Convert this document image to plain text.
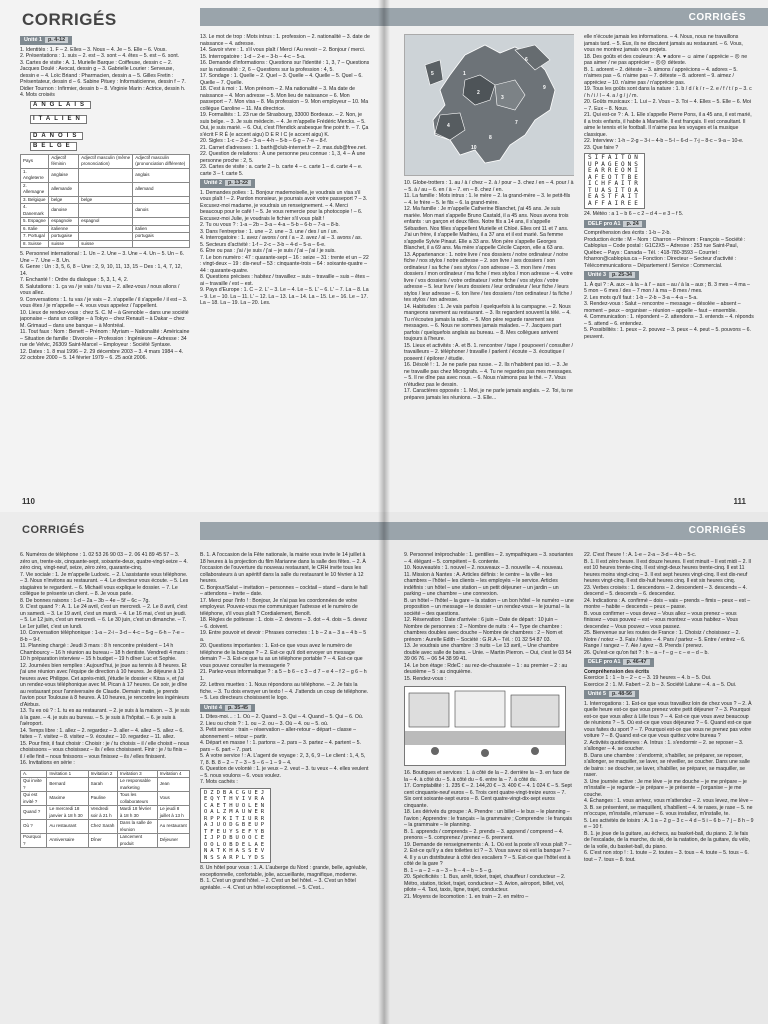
CORRIGÉS
Unité 1 p. 4-12
1. Identités : 1. F – 2. Elles – 3. Nous – 4. Je – 5. Elle – 6. Vous.
2. Présentations : 1. suis – 2. est – 3. sont – 4. êtes – 5. est – 6. sont.
3. Cartes de visite : A. 1. Murielle Barque : Coiffeuse, dessin c – 2. Jacques Doulé : Avocat, dessin g – 3. Gabrielle Lourier : Serveuse, dessin e – 4. Loïc Briand : Pharmacien, dessin a – 5. Gilles Fretin : Présentateur, dessin d – 6. Sabine Pituey : Informaticienne, dessin f – 7. Didier Tournon : Infirmier, dessin b – 8. Virginie Marin : Actrice, dessin h.
4. Mots croisés
ANGLAIS
ITALIEN
DANOIS
BELGE
Pays	Adjectif féminin	Adjectif masculin (même prononciation)	Adjectif masculin (prononciation différente)
1. Angleterre	anglaise		anglais
2. Allemagne	allemande		allemand
3. Belgique	belge	belge	
4. Danemark	danoise		danois
5. Espagne	espagnole	espagnol	
6. Italie	italienne		italien
7. Portugal	portugaise		portugais
8. Suisse	suisse	suisse	
5. Personnel international : 1. Un – 2. Une – 3. Une – 4. Un – 5. Un – 6. Une – 7. Une – 8. Un.
6. Genre : Un : 3, 5, 6, 8 – Une : 2, 9, 10, 11, 13, 15 – Des : 1, 4, 7, 12, 14.
7. Enchanté ! : Ordre du dialogue : 5, 3, 1, 4, 2.
8. Salutations : 1. ça va / je vais / tu vas – 2. allez-vous / nous allons / vous allez.
9. Conversations : 1. tu vas / je vais – 2. s'appelle / il s'appelle / il est – 3. vous êtes / je m'appelle – 4. vous vous appelez / l'appellent.
10. Lieux de rendez-vous : chez S. C. M – à Grenoble – dans une société japonaise – dans un collège – à Tokyo – chez Renault – à Dakar – chez M. Grimaud – dans une banque – à Montréal.
11. Tout faux : Nom : Benett – Prénom : Myriam – Nationalité : Américaine – Situation de famille : Divorcée – Profession : Ingénieure – Adresse : 34 rue de Velvic, 26309 Saint-Marcel – Employeur : Société Syntaxe.
12. Dates : 1. 8 mai 1996 – 2. 29 décembre 2003 – 3. 4 mars 1984 – 4. 22 octobre 2000 – 5. 14 février 1979 – 6. 25 août 2006.
13. Le mot de trop : Mots intrus : 1. profession – 2. nationalité – 3. date de naissance – 4. adresse.
14. Savoir vivre : 1. s'il vous plaît / Merci / Au revoir – 2. Bonjour / merci.
15. Interrogatoire : 1-d – 2-e – 3-b – 4-c – 5-a.
16. Demande d'informations : Questions sur l'identité : 1, 3, 7 – Questions sur la nationalité : 2, 6 – Questions sur la profession : 4, 5.
17. Sondage : 1. Quelle – 2. Quel – 3. Quelle – 4. Quelle – 5. Quel – 6. Quelle – 7. Quelle.
18. C'est à moi : 1. Mon prénom – 2. Ma nationalité – 3. Ma date de naissance – 4. Mon adresse – 5. Mon lieu de naissance – 6. Mon passeport – 7. Mon visa – 8. Ma profession – 9. Mon employeur – 10. Ma collègue Caroline – 11. Ma directrice.
19. Formalités : 1. 23 rue de Strasbourg, 33000 Bordeaux. – 2. Non, je suis belge. – 3. Je suis médecin. – 4. Je m'appelle Frédéric Mercks. – 5. Oui, je suis marié. – 6. Oui, c'est l'Ifendick arabesque fine point fr. – 7. Ça s'écrit F R É (e accent aigu) D E R I C (e accent aigu) K.
20. Sigles : 1-c – 2-d – 3-a – 4-h – 5-b – 6-g – 7-e – 8-f.
21. Carnet d'adresses : 1. barth@club-internet.fr – 2. max.dub@free.net.
22. Question de relations : À une personne peu connue : 1, 3, 4 – À une personne proche : 2, 5.
23. Cartes de visite : a. carte 2 – b. carte 4 – c. carte 1 – d. carte 4 – e. carte 3 – f. carte 5.
Unité 2 p. 13-22
1. Demandes polies : 1. Bonjour mademoiselle, je voudrais un visa s'il vous plaît ! – 2. Pardon monsieur, je pourrais avoir votre passeport ? – 3. Excusez-moi madame, je voudrais un renseignement. – 4. Merci beaucoup pour le café ! – 5. Je vous remercie pour la photocopie ! – 6. Excusez-moi Julie, je voudrais le fichier s'il vous plaît !
2. Tu ou vous ? : 1-a – 2b – 3-a – 4-a – 5-b – 6-b – 7-a – 8-b.
3. Dans l'entreprise : 1. une – 2. une – 3. une / des / un / un.
4. Interrogatoire : 1. avez / avons / ont / a – 2. avez / ai – 3. avons / as.
5. Secteurs d'activité : 1-f – 2-c – 3-b – 4-d – 5-a – 6-e.
6. Être ou pas : j'ai / je suis / j'ai – je suis / j'ai – j'ai / je suis.
7. Le bon numéro : 47 : quarante-sept – 16 : seize – 31 : trente et un – 22 : vingt-deux – 19 : dix-neuf – 53 : cinquante-trois – 64 : soixante-quatre – 44 : quarante-quatre.
8. Questions précises : habitez / travaillez – suis – travaille – suis – êtes – ai – travaille / est – est.
9. Pays d'Europe : 1. C – 2. L' – 3. Le – 4. Le – 5. L' – 6. L' – 7. La – 8. La – 9. Le – 10. La – 11. L' – 12. La – 13. La – 14. La – 15. Le – 16. Le – 17. La – 18. La – 19. La – 20. Les.
110
CORRIGÉS
1
2
3
4
5
6
7
8
9
10
10. Globe-trotters : 1. au / à / chez – 2. à / pour – 3. chez / en – 4. pour / à – 5. à / au – 6. en / à – 7. en – 8. chez / en.
11. La famille : Mots intrus : 1. le mère – 2. la grand-mère – 3. le petit-fils – 4. le frère – 5. le fils – 6. la grand-mère.
12. Ma famille : Je m'appelle Catherine Blanchet, j'ai 45 ans. Je suis mariée. Mon mari s'appelle Bruno Castald, il a 45 ans. Nous avons trois enfants : un garçon et deux filles. Notre fils a 14 ans, il s'appelle Sébastien. Nos filles s'appellent Murielle et Chloé. Elles ont 11 et 7 ans. J'ai un frère, il s'appelle Mathieu, il a 37 ans et il est marié. Sa femme s'appelle Sylvie Pinaut. Elle a 33 ans. Mon père s'appelle Georges Blanchet, il a 69 ans. Ma mère s'appelle Cécile Capron, elle a 63 ans.
13. Appartenance : 1. notre livre / nos dossiers / notre ordinateur / notre fiche / nos stylos / notre adresse – 2. son livre / ses dossiers / son ordinateur / sa fiche / ses stylos / son adresse – 3. mon livre / mes dossiers / mon ordinateur / ma fiche / mes stylos / mon adresse – 4. votre livre / vos dossiers / votre ordinateur / votre fiche / vos stylos / votre adresse – 5. leur livre / leurs dossiers / leur ordinateur / leur fiche / leurs stylos / leur adresse – 6. ton livre / tes dossiers / ton ordinateur / ta fiche / tes stylos / ton adresse.
14. Habitudes : 1. Je vais parfois / quelquefois à la campagne. – 2. Nous mangeons rarement au restaurant. – 3. Ils regardent souvent la télé. – 4. Tu n'écoutes jamais la radio. – 5. Mon père regarde rarement ses messages. – 6. Nous ne sommes jamais malades. – 7. Jacques part parfois / quelquefois anglais au bureau. – 8. Mes collègues arrivent toujours à l'heure.
15. Lieux et activités : A. et B. 1. rencontrer / tape / poupoeeri / consulter / travailleurs – 2. téléphoner / travaille / parlent / écoute – 3. écoutique / poseent / épilorer / étudie.
16. Désolé ! : 1. Je ne parle pas russe. – 2. Ils n'habitent pas ici. – 3. Je ne travaille pas chez Micrografs. – 4. Tu ne regardes pas mes messages. – 5. Il ne dîne pas avec nous. – 6. Nous n'aimons pas le thé. – 7. Vous n'étudiez pas le dessin.
17. Caractères opposés : 1. Moi, je ne parle jamais anglais. – 2. Toi, tu ne prépares jamais les réunions. – 3. Elle...
elle n'écoute jamais les informations. – 4. Nous, nous ne travaillons jamais tard. – 5. Eux, ils ne discutent jamais au restaurant. – 6. Vous, vous ne montrez jamais vos projets.
18. Des goûts et des couleurs : A. ♥ adore – ☺ aime / apprécie – ☹ ne pas aimer / ne pas apprécier – ☹☹ déteste.
B. 1. adorent – 2. déteste – 3. aimons / apprécions – 4. adores – 5. n'aimes pas – 6. n'aime pas – 7. déteste – 8. adorent – 9. aimez / appréciez – 10. n'aime pas / n'apprécie pas.
19. Tous les goûts sont dans la nature : 1. b / d / k / r – 2. e / f / t / p – 3. c / h / i / l – 4. a / g / j / m.
20. Goûts musicaux : 1. Lui – 2. Vous – 3. Toi – 4. Elles – 5. Elle – 6. Moi – 7. Eux – 8. Nous.
21. Qui est-ce ? : A. 1. Elle s'appelle Pierre Pons, il a 45 ans, il est marié, il a trois enfants, il habite à Marseille. Il est français. Il est consultant. Il aime le tennis et le football. Il n'aime pas les voyages et la musique classique.
22. Interview : 1-h – 2-g – 3-i – 4-b – 5-l – 6-d – 7-j – 8-c – 9-a – 10-e.
23. Que faire ?
SIFAITON
UPAGEONS
EARREOMI
AFEOTTBE
ICHFAITR
TUASITOA
EASTFAIT
AFFAIREE
24. Météo : a 1 – b 6 – c 2 – d 4 – e 3 – f 5.
DELF pro A1 p. 24
Compréhension des écrits : 1-b – 2-b.
Production écrite : M – Nom : Charron – Prénom : François – Société : Cablopius – Code postal : G1C2X5 – Adresse : 253 rue Saint-Paul, Québec – Pays : Canada – Tél. : 418-780-3593 – Courriel : fcharron@cablopius.ca – Fonction : Directeur – Secteur d'activité : Télécommunications – Département / Service : Commercial.
Unité 3 p. 25-34
1. À qui ? : A. aux – à la – à l' – aux – au / à la – aux ; B. 3 mes – 4 ma – 5 mon – 6 mes / des – 7 mon / à ma – 8 mes / mes.
2. Les mots qu'il faut : 1-b – 2-b – 3-a – 4-a – 5-a.
3. Rendez-vous : Salut – rencontre – message – désolée – absent – moment – peux – organiser – réunion – appelle – faut – ensemble.
4. Communication : 1. répondent – 2. attendons – 3. entends – 4. réponds – 5. attend – 6. entendez.
5. Possibilités : 1. peux – 2. pouvez – 3. peux – 4. peut – 5. pouvons – 6. peuvent.
111
CORRIGÉS
6. Numéros de téléphone : 1. 02 53 26 90 03 – 2. 06 41 89 45 57 – 3. zéro un, trente-six, cinquante-sept, soixante-deux, quatre-vingt-seize – 4. zéro cinq, vingt-neuf, seize, zéro zéro, quarante-cinq.
7. Vie sociale : 1. Je m'appelle Ludovic. – 2. L'assistante vous téléphone. – 3. Nous n'invitons au restaurant. – 4. Le directeur vous écoute. – 5. Les stagiaires te regardent. – 6. Michaël vous explique le dossier. – 7. Le collègue te présente un client. – 8. Je vous parle.
8. De bonnes raisons : 1-d – 2a – 3b – 4e – 5f – 6c – 7g.
9. C'est quand ? : A. 1. Le 24 avril, c'est un mercredi. – 2. Le 8 avril, c'est un samedi. – 3. Le 19 avril, c'est un mardi. – 4. Le 16 mai, c'est un jeudi. – 5. Le 12 juin, c'est un mercredi. – 6. Le 30 juin, c'est un dimanche. – 7. Le 1er juillet, c'est un lundi.
10. Conversation téléphonique : 1-a – 2-i – 3-d – 4-c – 5-g – 6-h – 7-e – 8-b – 9-f.
11. Planning chargé : Jeudi 3 mars : 8 h rencontre président – 14 h Chambourcy – 16 h réunion au bureau – 18 h dentiste. Vendredi 4 mars : 10 h préparation interview – 15 h budget – 19 h dîner Luc et Sophie.
12. Journées bien remplies : Aujourd'hui, je joue au tennis à 8 heures. Et j'ai une réunion avec l'équipe de direction à 10 heures. Je déjeune à 13 heures avec Philippe. Cet après-midi, j'étudie le dossier « Kitsa », et j'ai un rendez-vous téléphonique avec M. Pican à 17 heures. Ce soir, je dîne au restaurant pour l'anniversaire de Claude. Demain matin, je prends l'avion pour Toulouse à 8 heures. À 10 heures, je rencontre les ingénieurs d'Airbus.
13. Tu es où ? : 1. tu es au restaurant. – 2. je suis à la maison. – 3. je suis à la gare. – 4. je suis au bureau. – 5. je suis à l'hôpital. – 6. je suis à l'aéroport.
14. Temps libre : 1. allez – 2. regardez – 3. aller – 4. allez – 5. allez – 6. faites – 7. visitez – 8. visitez – 9. écoutez – 10. regardez – 11. allez.
15. Pour finir, il faut choisir : Choisir : je / tu choisis – il / elle choisit – nous choisissons – vous choisissez – ils / elles choisissent. Finir : je / tu finis – il / elle finit – nous finissons – vous finissez – ils / elles finissent.
16. Invitations en série :
A.	Invitation 1	Invitation 2	Invitation 3	Invitation 4
Qui invite ?	Bernard	Sarah	Le responsable marketing	Jean
Qui est invité ?	Maxime	Pauline	Tous les collaborateurs	Vous
Quand ?	Le mercredi 18 janvier à 18 h 30	Vendredi soir à 21 h	Mardi 18 février à 18 h 30	Le jeudi 8 juillet à 13 h
Où ?	Au restaurant	Chez Sarah	Dans la salle de réunion	Au restaurant
Pourquoi ?	Anniversaire	Dîner	Lancement produit	Déjeuner
B. 1. À l'occasion de la Fête nationale, la mairie vous invite le 14 juillet à 18 heures à la projection du film Marianne dans la salle des fêtes. – 2. À l'occasion de l'ouverture du nouveau restaurant, le CRH invite tous les collaborateurs à un apéritif dans la salle du restaurant le 10 février à 12 heures.
C. Bonjour/Salut – invitation – personnes – cocktail – stand – dans le hall – attendons – invite – date.
17. Merci pour l'info ! : Bonjour, Je n'ai pas les coordonnées de votre employeur. Pouvez-vous me communiquer l'adresse et le numéro de téléphone, s'il vous plaît ? Cordialement, Benoît.
18. Règles de politesse : 1. dois – 2. devons – 3. dot – 4. dois – 5. devez – 6. doivent.
19. Entre pouvoir et devoir : Phrases correctes : 1 b – 2 a – 3 a – 4 b – 5 a.
20. Questions importantes : 1. Est-ce que vous avez le numéro de téléphone de la banque ? – 2. Est-ce qu'il doit envoyer un message demain ? – 3. Est-ce que tu as un téléphone portable ? – 4. Est-ce que vous pouvez consulter la messagerie ?
21. Parlez-vous informatique ? : a 5 – b 6 – c 3 – d 7 – e 4 – f 2 – g 6 – h 1.
22. Lettres muettes : 1. Nous répondons au téléphone. – 2. Je fais la fiche. – 3. Tu dois envoyer un texto ! – 4. J'attends un coup de téléphone. – 5. Les directeurs choisissent le logo.
Unité 4 p. 35-45
1. Dites-moi… : 1. Où – 2. Quand – 3. Qui – 4. Quand – 5. Qui – 6. Où.
2. Lieu ou choix ? : 1. ou – 2. ou – 3. Où – 4. ou – 5. où.
3. Petit service : train – réservation – aller-retour – départ – classe – abonnement – retour – partir.
4. Départ en masse ! : 1. partons – 2. pars – 3. partez – 4. partent – 5. pars – 6. part – 7. part.
5. À votre service ! : A. L'agent de voyage : 2, 3, 6, 9 – Le client : 1, 4, 5, 7, 8. B. 8 – 2 – 7 – 3 – 5 – 6 – 1 – 9 – 4.
6. Question de volonté : 1. je veux – 2. veut – 3. tu veux – 4. elles veulent – 5. nous voulons – 6. vous voulez.
7. Mots cachés :
DZDBACGUEJ
EQYTHVIVRA
CAETHUOLEN
OALZMAUWER
RPPKITIURR
AJUODGBEUP
TFEUYSEFYB
IJPDBUOOCE
OOLOBDELAE
NATKHASSEV
NSSARPLYDS
8. Un hôtel pour vous : 1. A. L'auberge du Nord : grande, belle, agréable, exceptionnelle, confortable, jolie, accueillante, magnifique, moderne.
B. 1. C'est un grand hôtel. – 2. C'est un bel hôtel. – 3. C'est un hôtel agréable. – 4. C'est un hôtel exceptionnel. – 5. C'est...
CORRIGÉS
9. Personnel irréprochable : 1. gentilles – 2. sympathiques – 3. souriantes – 4. élégant – 5. compétent – 6. contente.
10. Nouveautés : 1. nouvel – 2. nouveaux – 3. nouvelle – 4. nouveau.
11. Mission à Nantes : A. Articles définis : le centre – la ville – les chambres – l'hôtel – les clients – les employés – le service. Articles indéfinis : un hôtel – une station – un petit déjeuner – un jardin – un parking – une chambre – une connexion.
B. un hôtel – l'hôtel – la gare – la station – un bon hôtel – le numéro – une proposition – un message – le dossier – un rendez-vous – le journal – la société – des questions.
12. Réservation : Date d'arrivée : 6 juin – Date de départ : 10 juin – Nombre de personnes : 2 – Nombre de nuits : 4 – Type de chambre : chambres doubles avec douche – Nombre de chambres : 2 – Nom et prénom : Aurelle Edith – Société : G.R.A – Tél. : 01 32 54 87 03.
13. Je voudrais une chambre : 3 nuits – Le 13 avril, – Une chambre double avec salle de bains. – Unie. – Martin Pierron. – Oui, c'est le 03 54 39 06 76. – 06 54 38 99 41.
14. Le bon étage : RdeC : au rez-de-chaussée – 1 : au premier – 2 : au deuxième – 5 : au cinquième.
15. Rendez-vous :
16. Boutiques et services : 1. à côté de la – 2. derrière la – 3. en face de la – 4. à côté du – 5. à côté du – 6. entre la – 7. à côté du.
17. Comptabilité : 1. 235 € – 2. 144,20 € – 3. 400 € – 4. 1 024 € – 5. Sept cent cinquante-neuf euros – 6. Trois cent quatre-vingt-treize euros – 7. Six cent soixante-sept euros – 8. Cent quatre-vingt-dix-sept euros cinquante.
18. Les dérivés du groupe : A. Prendre : un billet – le bus – le planning – l'avion ; Apprendre : le français – la grammaire ; Comprendre : le français – la grammaire – le planning.
B. 1. apprends / comprends – 2. prends – 3. apprend / comprend – 4. prenons – 5. comprenez / prenez – 6. prennent.
19. Demande de renseignements : A. 1. Où est la poste s'il vous plaît ? – 2. Est-ce qu'il y a des toilettes ici ? – 3. Vous savez où est la banque ? – 4. Il y a un distributeur à côté des escaliers ? – 5. Est-ce que l'hôtel est à côté de la gare ?
B. 1 – a – 2 – a – 3 – h – 4 – b – 5 – g.
20. Spécificités : 1. Bus, arrêt, ticket, trajet, chauffeur / conducteur – 2. Métro, station, ticket, trajet, conducteur – 3. Avion, aéroport, billet, vol, pilote – 4. Taxi, taxis, ligne, trajet, conducteur.
21. Moyens de locomotion : 1. en train – 2. en métro –
22. C'est l'heure ! : A. 1-e – 2-a – 3-d – 4-b – 5-c.
B. 1. Il est zéro heure. Il est douze heures. Il est minuit – Il est midi – 2. Il est 10 heures trente-cinq. Il est vingt-deux heures trente-cinq. Il est 11 heures moins vingt-cinq – 3. Il est sept heures vingt-cinq. Il est dix-neuf heures vingt-cinq. Il est dix-huit heures cinq. Il est six heures cinq.
23. Verbes croisés : 1. descendons – 2. descendent – 3. descends – 4. descend – 5. descends – 6. descendez.
24. Indications : A. confirmé – dois – vais – prends – fimis – peux – est – montre – habite – descends – peux – passe.
B. vous confirmer – vous devez – Vous allez – vous prenez – vous finissez – vous pouvez – est – vous montrez – vous habitez – Vous descendez – Vous pouvez – vous passez.
25. Bienvenue sur les routes de France : 1. Choisiz / choisissez – 2. Notre / notez – 3. Fais / faites – 4. Pars / partez – 5. Entre / entrez – 6. Range / rangez – 7. Aie / ayez – 8. Prends / prenez.
26. Qu'est-ce qu'on fait ? : h – a – f – g – c – e – d – b.
DELF pro A1 p. 46-47
Compréhension des écrits
Exercice 1 : 1 – b – 2 – c – 3. 19 heures – 4. b – 5. Oui.
Exercice 2 : 1. M. Fabert – 2. b – 3. Société Lalune – 4. a – 5. Oui.
Unité 5 p. 48-56
1. Interrogations : 1. Est-ce que vous travaillez loin de chez vous ? – 2. À quelle heure est-ce que vous prenez votre petit déjeuner ? – 3. Pourquoi est-ce que vous allez à Lille tous ? – 4. Est-ce que vous avez beaucoup de réunions ? – 5. Où est-ce que vous déjeunez ? – 6. Quand est-ce que vous faites du sport ? – 7. Pourquoi est-ce que vous ne prenez pas votre voiture ? – 8. Quand est-ce que vous quittez votre bureau ?
2. Activités quotidiennes : A. Intrus : 1. s'endormir – 2. se reposer – 3. s'allonger – 4. se coucher.
B. Dans une chambre : s'endormir, s'habiller, se préparer, se reposer, s'allonger, se maquiller, se laver, se réveiller, se coucher. Dans une salle de bains : se doucher, se laver, s'habiller, se préparer, se maquiller, se raser.
3. Une journée active : Je me lève – je me douche – je me prépare – je m'installe – je regarde – je prépare – je présente – j'organise – je me couche.
4. Échanges : 1. vous arrivez, vous m'attendez – 2. vous levez, me lève – 3. B. se présentent, se maquillent, s'habillent – 4. te rases, je rase – 5. ne m'occupe, m'installe, m'amuse – 6. vous installez, m'installe, te.
5. Les activités de loisirs : A. 1 a – 2 g – 3 c – 4 d – 5 i – 6 b – 7 j – 8 h – 9 e – 10 f.
B. 1. je joue de la guitare, au échecs, au basket-ball, du piano. 2. le fais de l'escalade, de la marche, du ski, de la natation, de la guitare, du vélo, de la voile, du basket-ball, du piano.
6. C'est non stop ! : 1. toute – 2. toutes – 3. tous – 4. toute – 5. tous – 6. tout – 7. tous – 8. tout.
